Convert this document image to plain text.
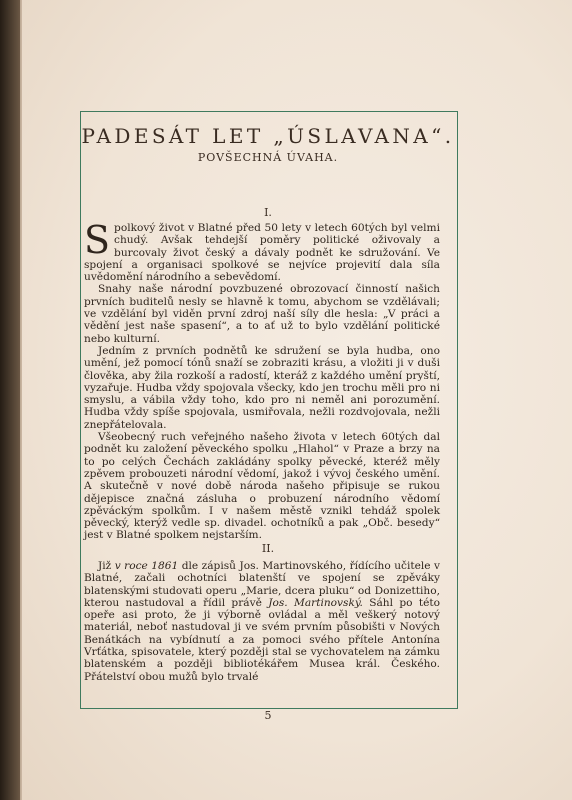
PADESÁT LET „ÚSLAVANA“.
POVŠECHNÁ ÚVAHA.
I.

Spolkový život v Blatné před 50 lety v letech 60tých byl velmi chudý. Avšak tehdejší poměry politické oživovaly a burcovaly život český a dávaly podnět ke sdružování. Ve spojení a organisaci spolkové se nejvíce projevití dala síla uvědomění národního a sebevědomí.

Snahy naše národní povzbuzené obrozovací činností našich prvních buditelů nesly se hlavně k tomu, abychom se vzdělávali; ve vzdělání byl viděn první zdroj naší síly dle hesla: „V práci a vědění jest naše spasení“, a to ať už to bylo vzdělání politické nebo kulturní.

Jedním z prvních podnětů ke sdružení se byla hudba, ono umění, jež pomocí tónů snaží se zobraziti krásu, a vložiti ji v duši člověka, aby žila rozkoší a radostí, kteráž z každého umění pryští, vyzařuje. Hudba vždy spojovala všecky, kdo jen trochu měli pro ni smyslu, a vábila vždy toho, kdo pro ni neměl ani porozumění. Hudba vždy spíše spojovala, usmiřovala, nežli rozdvojovala, nežli znepřátelovala.

Všeobecný ruch veřejného našeho života v letech 60tých dal podnět ku založení pěveckého spolku „Hlahol“ v Praze a brzy na to po celých Čechách zakládány spolky pěvecké, kteréž měly zpěvem probouzeti národní vědomí, jakož i vývoj českého umění. A skutečně v nové době národa našeho připisuje se rukou dějepisce značná zásluha o probuzení národního vědomí zpěváckým spolkům. I v našem městě vznikl tehdáž spolek pěvecký, kterýž vedle sp. divadel. ochotníků a pak „Obč. besedy“ jest v Blatné spolkem nejstarším.

II.

Již v roce 1861 dle zápisů Jos. Martinovského, řídícího učitele v Blatné, začali ochotníci blatenští ve spojení se zpěváky blatenskými studovati operu „Marie, dcera pluku“ od Donizettiho, kterou nastudoval a řídil právě Jos. Martinovský. Sáhl po této opeře asi proto, že ji výborně ovládal a měl veškerý notový materiál, neboť nastudoval ji ve svém prvním působišti v Nových Benátkách na vybídnutí a za pomoci svého přítele Antonína Vrťátka, spisovatele, který později stal se vychovatelem na zámku blatenském a později bibliotékářem Musea král. Českého. Přátelství obou mužů bylo trvalé

5
